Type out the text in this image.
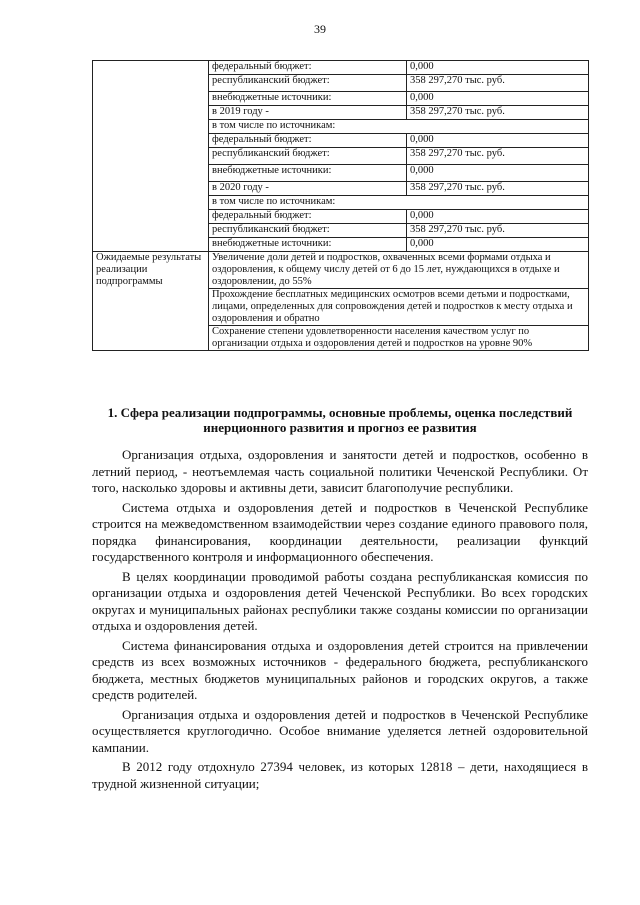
39
	федеральный бюджет:	0,000
	республиканский бюджет:	358 297,270 тыс. руб.
	внебюджетные источники:	0,000
	в 2019 году -	358 297,270 тыс. руб.
	в том числе по источникам:	
	федеральный бюджет:	0,000
	республиканский бюджет:	358 297,270 тыс. руб.
	внебюджетные источники:	0,000
	в 2020 году -	358 297,270 тыс. руб.
	в том числе по источникам:	
	федеральный бюджет:	0,000
	республиканский бюджет:	358 297,270 тыс. руб.
	внебюджетные источники:	0,000
Ожидаемые результаты реализации подпрограммы	Увеличение доли детей и подростков, охваченных всеми формами отдыха и оздоровления, к общему числу детей от 6 до 15 лет, нуждающихся в отдыхе и оздоровлении, до 55%	
	Прохождение бесплатных медицинских осмотров всеми детьми и подростками, лицами, определенных для сопровождения детей и подростков к месту отдыха и оздоровления и обратно	
	Сохранение степени удовлетворенности населения качеством услуг по организации отдыха и оздоровления детей и подростков на уровне 90%	
1. Сфера реализации подпрограммы, основные проблемы, оценка последствий инерционного развития и прогноз ее развития

Организация отдыха, оздоровления и занятости детей и подростков, особенно в летний период, - неотъемлемая часть социальной политики Чеченской Республики. От того, насколько здоровы и активны дети, зависит благополучие республики.

Система отдыха и оздоровления детей и подростков в Чеченской Республике строится на межведомственном взаимодействии через создание единого правового поля, порядка финансирования, координации деятельности, реализации функций государственного контроля и информационного обеспечения.

В целях координации проводимой работы создана республиканская комиссия по организации отдыха и оздоровления детей Чеченской Республики. Во всех городских округах и муниципальных районах республики также созданы комиссии по организации отдыха и оздоровления детей.

Система финансирования отдыха и оздоровления детей строится на привлечении средств из всех возможных источников - федерального бюджета, республиканского бюджета, местных бюджетов муниципальных районов и городских округов, а также средств родителей.

Организация отдыха и оздоровления детей и подростков в Чеченской Республике осуществляется круглогодично. Особое внимание уделяется летней оздоровительной кампании.

В 2012 году отдохнуло 27394 человек, из которых 12818 – дети, находящиеся в трудной жизненной ситуации;
